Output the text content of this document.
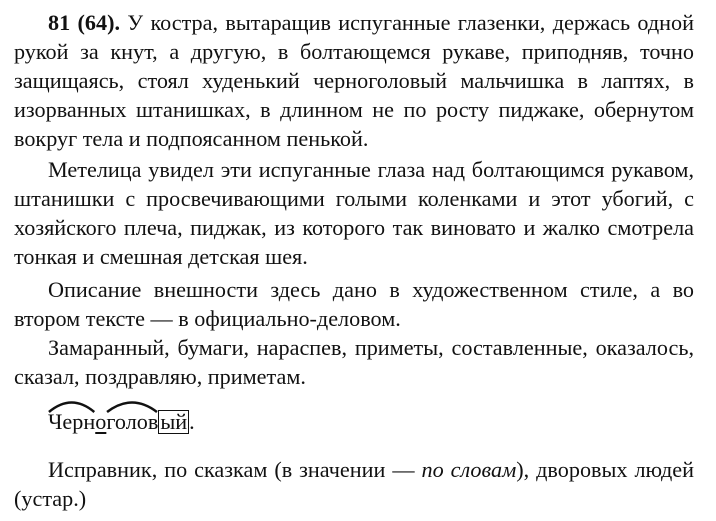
81 (64). У костра, вытаращив испуганные глазенки, держась одной рукой за кнут, а другую, в болтающемся рукаве, приподняв, точно защищаясь, стоял худенький черноголовый мальчишка в лаптях, в изорванных штанишках, в длинном не по росту пиджаке, обернутом вокруг тела и подпоясанном пенькой.
Метелица увидел эти испуганные глаза над болтающимся рукавом, штанишки с просвечивающими голыми коленками и этот убогий, с хозяйского плеча, пиджак, из которого так виновато и жалко смотрела тонкая и смешная детская шея.
Описание внешности здесь дано в художественном стиле, а во втором тексте — в официально-деловом.
Замаранный, бумаги, нараспев, приметы, составленные, оказалось, сказал, поздравляю, приметам.
Черно
головый.
Исправник, по сказкам (в значении — по словам), дворовых людей (устар.)
